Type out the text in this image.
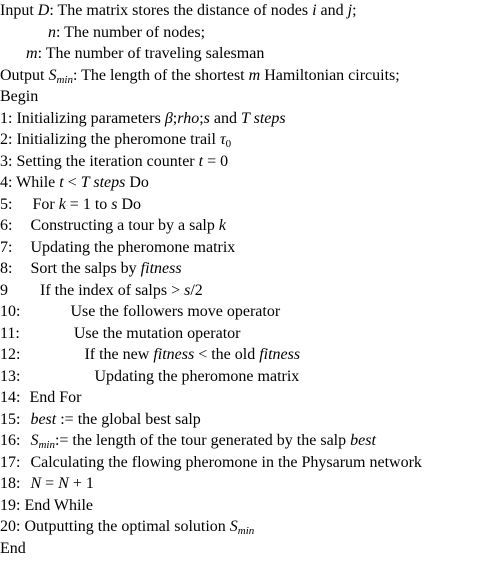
Input D: The matrix stores the distance of nodes i and j;
n: The number of nodes;
m: The number of traveling salesman
Output $S_{min}$: The length of the shortest m Hamiltonian circuits;
Begin
1: Initializing parameters β;rho;s and T steps
2: Initializing the pheromone trail $\tau_0$
3: Setting the iteration counter t = 0
4: While t < T steps Do
5: For k = 1 to s Do
6: Constructing a tour by a salp k
7: Updating the pheromone matrix
8: Sort the salps by fitness
9 If the index of salps > s/2
10:	Use the followers move operator
11:	Use the mutation operator
12:	If the new fitness < the old fitness
13:	Updating the pheromone matrix
14: End For
15: best := the global best salp
16: $S_{min}:=$ the length of the tour generated by the salp best
17: Calculating the flowing pheromone in the Physarum network
18: N = N + 1
19: End While
20: Outputting the optimal solution $S_{min}$
End
